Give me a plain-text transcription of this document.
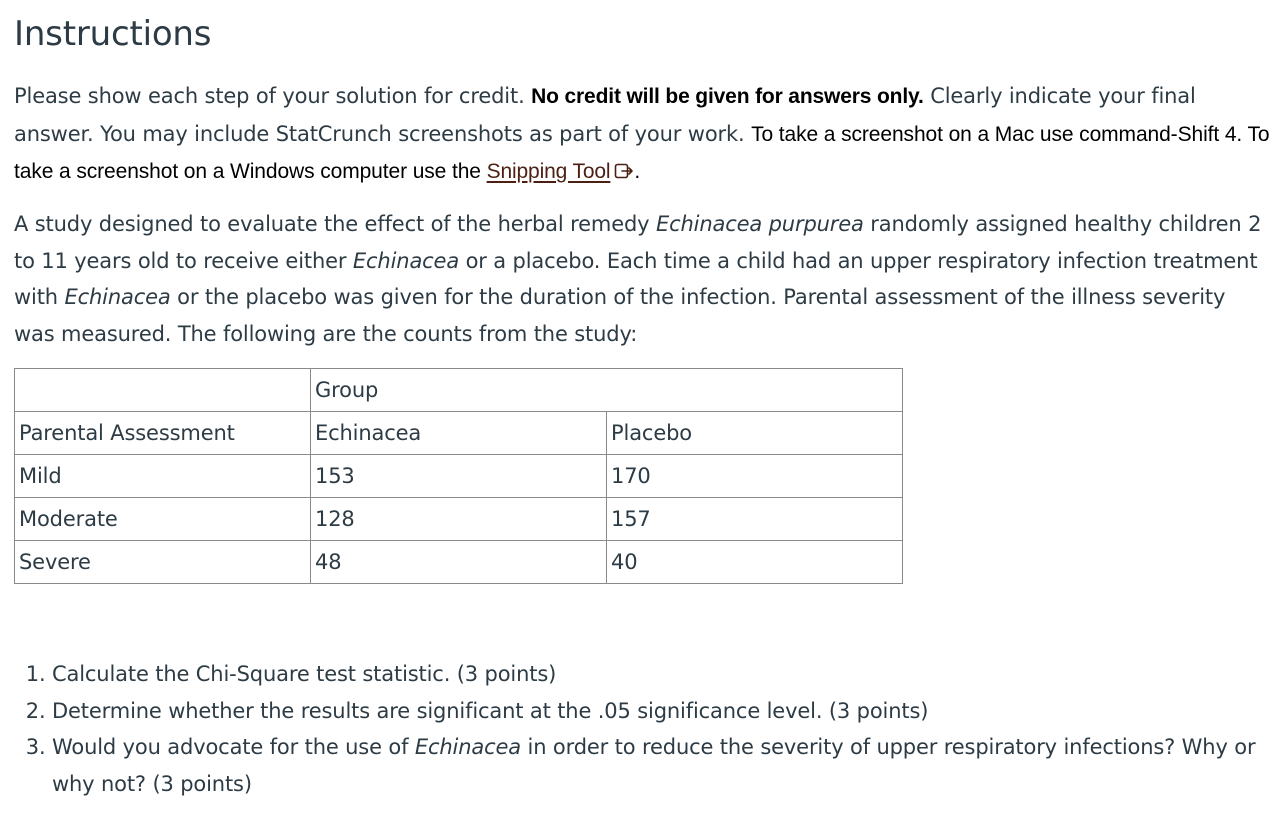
Instructions

Please show each step of your solution for credit. No credit will be given for answers only. Clearly indicate your final answer. You may include StatCrunch screenshots as part of your work. To take a screenshot on a Mac use command-Shift 4. To take a screenshot on a Windows computer use the Snipping Tool .

A study designed to evaluate the effect of the herbal remedy Echinacea purpurea randomly assigned healthy children 2 to 11 years old to receive either Echinacea or a placebo. Each time a child had an upper respiratory infection treatment with Echinacea or the placebo was given for the duration of the infection. Parental assessment of the illness severity was measured. The following are the counts from the study:

	Group	
Parental Assessment	Echinacea	Placebo
Mild	153	170
Moderate	128	157
Severe	48	40
1. Calculate the Chi-Square test statistic. (3 points)
2. Determine whether the results are significant at the .05 significance level. (3 points)
3. Would you advocate for the use of Echinacea in order to reduce the severity of upper respiratory infections? Why or why not? (3 points)
